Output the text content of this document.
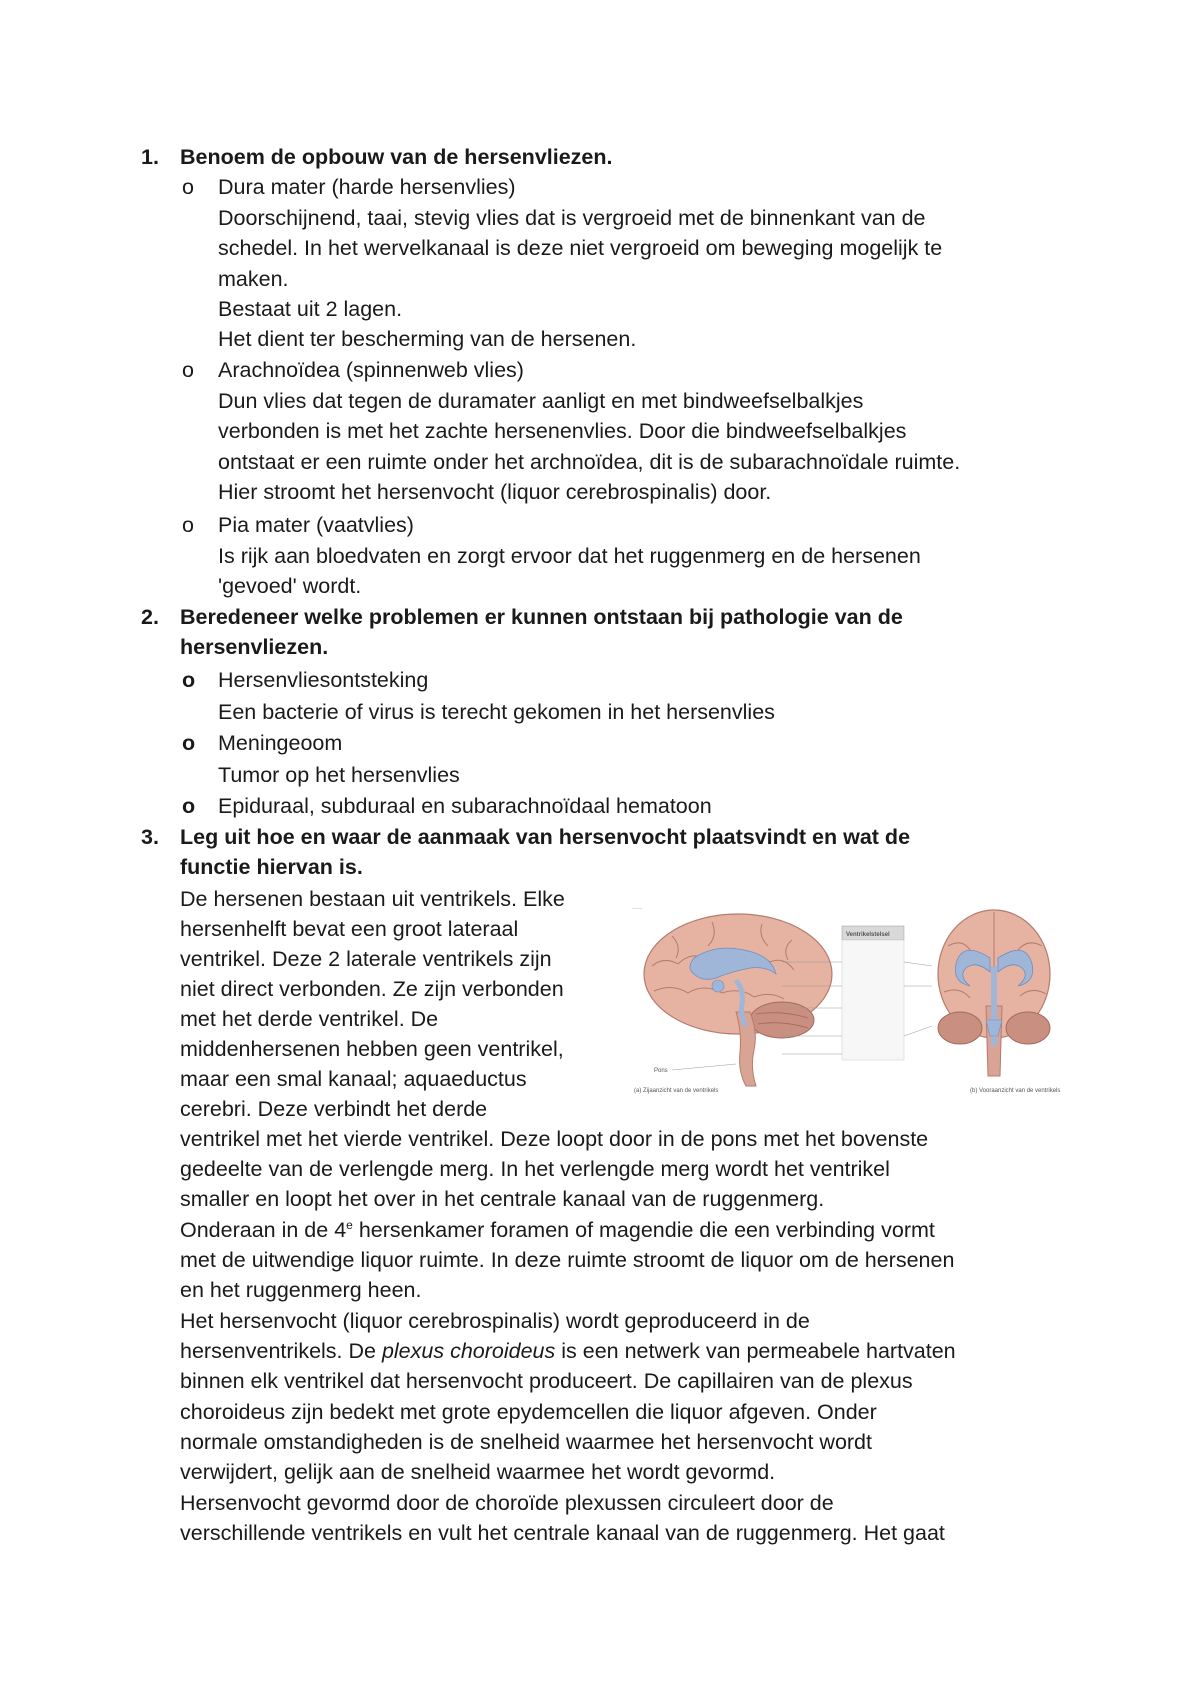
1. Benoem de opbouw van de hersenvliezen.
o Dura mater (harde hersenvlies)
Doorschijnend, taai, stevig vlies dat is vergroeid met de binnenkant van de
schedel. In het wervelkanaal is deze niet vergroeid om beweging mogelijk te
maken.
Bestaat uit 2 lagen.
Het dient ter bescherming van de hersenen.
o Arachnoïdea (spinnenweb vlies)
Dun vlies dat tegen de duramater aanligt en met bindweefselbalkjes
verbonden is met het zachte hersenenvlies. Door die bindweefselbalkjes
ontstaat er een ruimte onder het archnoïdea, dit is de subarachnoïdale ruimte.
Hier stroomt het hersenvocht (liquor cerebrospinalis) door.
o Pia mater (vaatvlies)
Is rijk aan bloedvaten en zorgt ervoor dat het ruggenmerg en de hersenen
'gevoed' wordt.
2. Beredeneer welke problemen er kunnen ontstaan bij pathologie van de
hersenvliezen.
o Hersenvliesontsteking
Een bacterie of virus is terecht gekomen in het hersenvlies
o Meningeoom
Tumor op het hersenvlies
o Epiduraal, subduraal en subarachnoïdaal hematoon
3. Leg uit hoe en waar de aanmaak van hersenvocht plaatsvindt en wat de
functie hiervan is.
De hersenen bestaan uit ventrikels. Elke
hersenhelft bevat een groot lateraal
ventrikel. Deze 2 laterale ventrikels zijn
niet direct verbonden. Ze zijn verbonden
met het derde ventrikel. De
middenhersenen hebben geen ventrikel,
maar een smal kanaal; aquaeductus
cerebri. Deze verbindt het derde
ventrikel met het vierde ventrikel. Deze loopt door in de pons met het bovenste
gedeelte van de verlengde merg. In het verlengde merg wordt het ventrikel
smaller en loopt het over in het centrale kanaal van de ruggenmerg.
Onderaan in de 4e hersenkamer foramen of magendie die een verbinding vormt
met de uitwendige liquor ruimte. In deze ruimte stroomt de liquor om de hersenen
en het ruggenmerg heen.
Het hersenvocht (liquor cerebrospinalis) wordt geproduceerd in de
hersenventrikels. De plexus choroideus is een netwerk van permeabele hartvaten
binnen elk ventrikel dat hersenvocht produceert. De capillairen van de plexus
choroideus zijn bedekt met grote epydemcellen die liquor afgeven. Onder
normale omstandigheden is de snelheid waarmee het hersenvocht wordt
verwijdert, gelijk aan de snelheid waarmee het wordt gevormd.
Hersenvocht gevormd door de choroïde plexussen circuleert door de
verschillende ventrikels en vult het centrale kanaal van de ruggenmerg. Het gaat
·····
Pons
(a) Zijaanzicht van de ventrikels
Ventrikelstelsel
(b) Vooraanzicht van de ventrikels
